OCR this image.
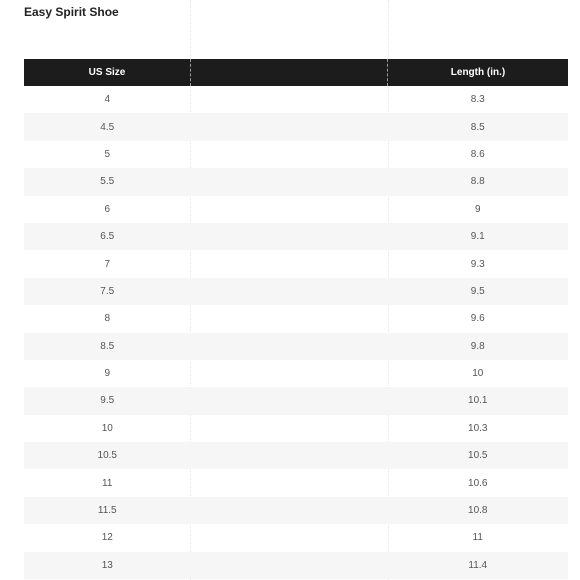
Easy Spirit Shoe
US Size		Length (in.)
4		8.3
4.5		8.5
5		8.6
5.5		8.8
6		9
6.5		9.1
7		9.3
7.5		9.5
8		9.6
8.5		9.8
9		10
9.5		10.1
10		10.3
10.5		10.5
11		10.6
11.5		10.8
12		11
13		11.4
